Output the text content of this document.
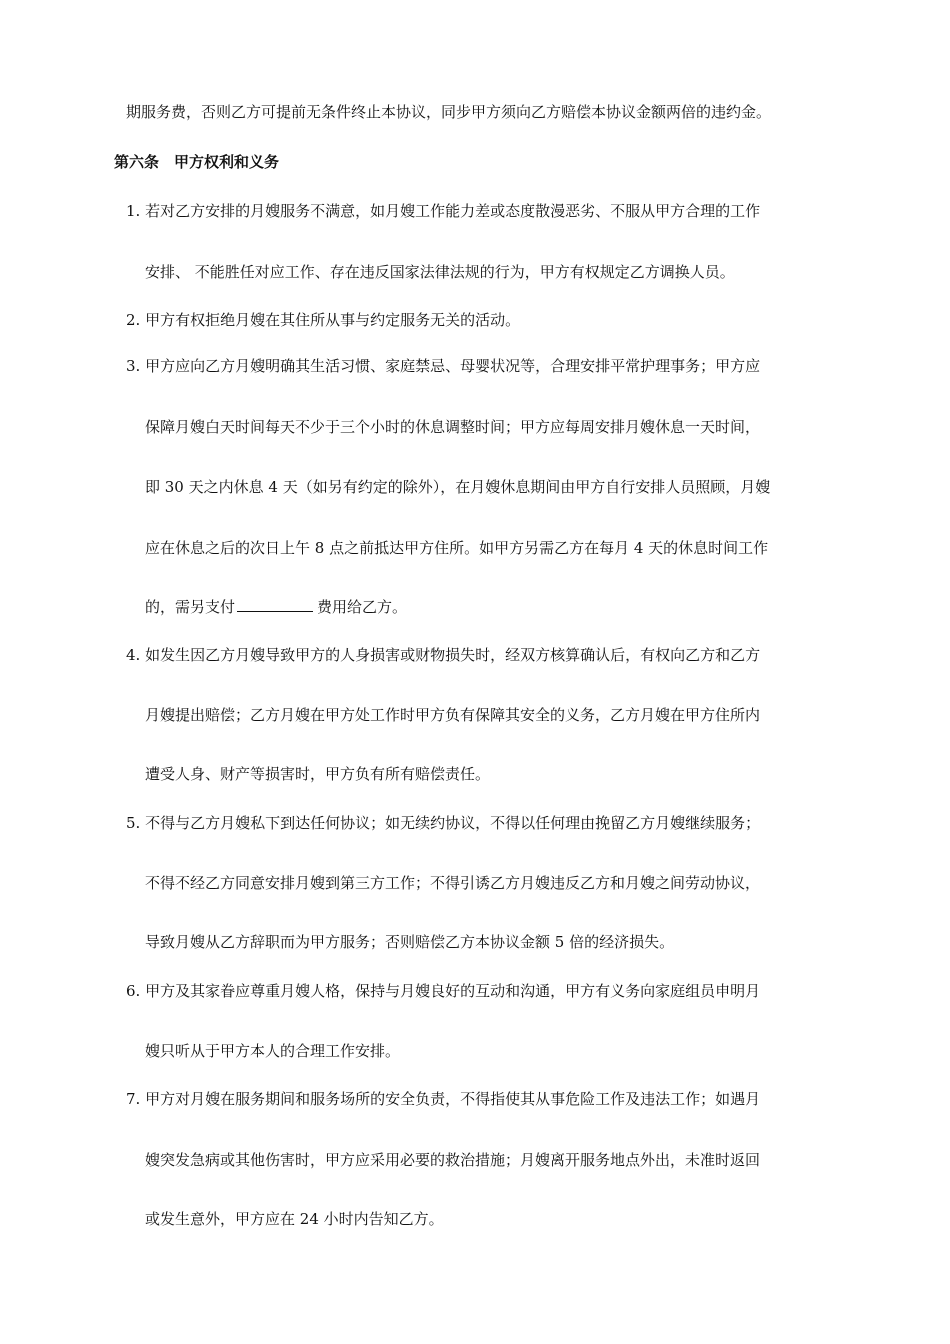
期服务费，否则乙方可提前无条件终止本协议，同步甲方须向乙方赔偿本协议金额两倍的违约金。
第六条　甲方权利和义务
1. 若对乙方安排的月嫂服务不满意，如月嫂工作能力差或态度散漫恶劣、不服从甲方合理的工作
安排、 不能胜任对应工作、存在违反国家法律法规的行为，甲方有权规定乙方调换人员。
2. 甲方有权拒绝月嫂在其住所从事与约定服务无关的活动。
3. 甲方应向乙方月嫂明确其生活习惯、家庭禁忌、母婴状况等，合理安排平常护理事务；甲方应
保障月嫂白天时间每天不少于三个小时的休息调整时间；甲方应每周安排月嫂休息一天时间，
即 30 天之内休息 4 天（如另有约定的除外），在月嫂休息期间由甲方自行安排人员照顾，月嫂
应在休息之后的次日上午 8 点之前抵达甲方住所。如甲方另需乙方在每月 4 天的休息时间工作
的，需另支付	费用给乙方。
4. 如发生因乙方月嫂导致甲方的人身损害或财物损失时，经双方核算确认后，有权向乙方和乙方
月嫂提出赔偿；乙方月嫂在甲方处工作时甲方负有保障其安全的义务，乙方月嫂在甲方住所内
遭受人身、财产等损害时，甲方负有所有赔偿责任。
5. 不得与乙方月嫂私下到达任何协议；如无续约协议，不得以任何理由挽留乙方月嫂继续服务；
不得不经乙方同意安排月嫂到第三方工作；不得引诱乙方月嫂违反乙方和月嫂之间劳动协议，
导致月嫂从乙方辞职而为甲方服务；否则赔偿乙方本协议金额 5 倍的经济损失。
6. 甲方及其家眷应尊重月嫂人格，保持与月嫂良好的互动和沟通，甲方有义务向家庭组员申明月
嫂只听从于甲方本人的合理工作安排。
7. 甲方对月嫂在服务期间和服务场所的安全负责，不得指使其从事危险工作及违法工作；如遇月
嫂突发急病或其他伤害时，甲方应采用必要的救治措施；月嫂离开服务地点外出，未准时返回
或发生意外，甲方应在 24 小时内告知乙方。
